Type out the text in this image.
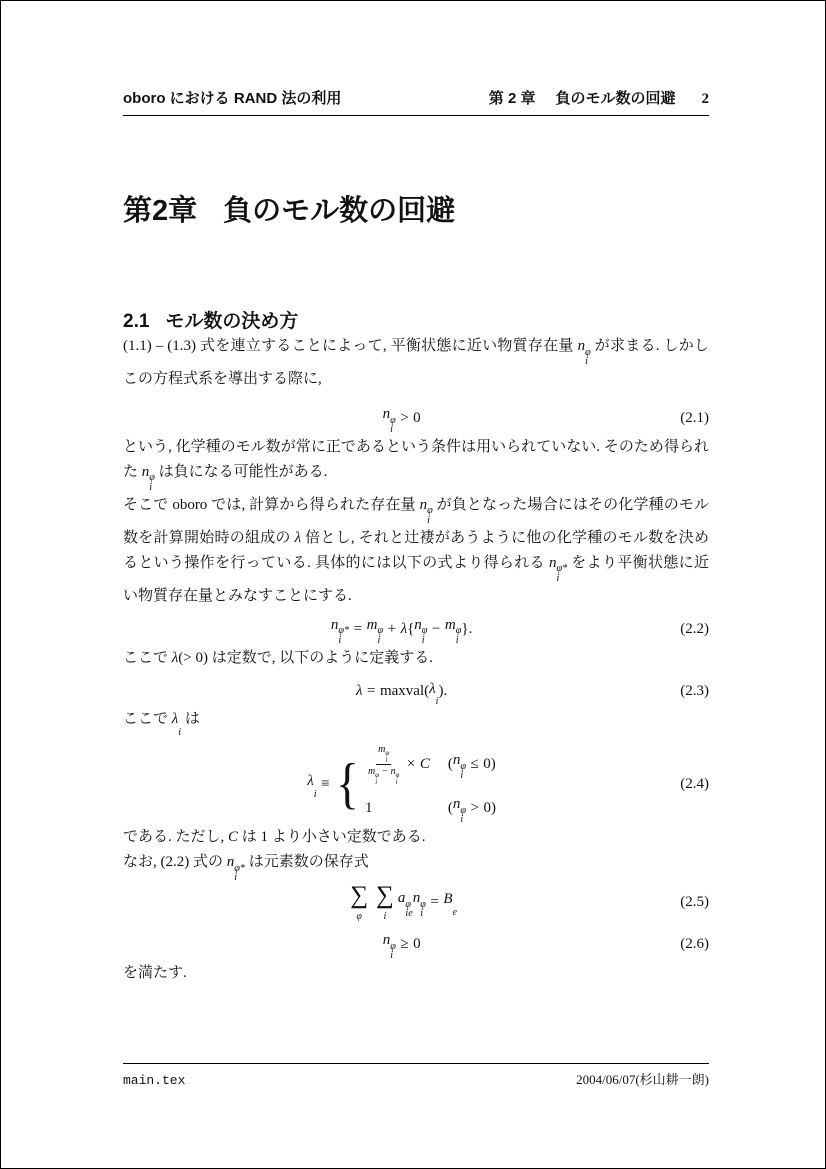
oboro における RAND 法の利用	第 2 章 負のモル数の回避 2
第2章 負のモル数の回避
2.1 モル数の決め方

(1.1) – (1.3) 式を連立することによって, 平衡状態に近い物質存在量 n φ
i
が求まる. しかしこの方程式系を導出する際に,

n φ
i
> 0	(2.1)

という, 化学種のモル数が常に正であるという条件は用いられていない. そのため得られた n φ
i
は負になる可能性がある.

そこで oboro では, 計算から得られた存在量 n φ
i
が負となった場合にはその化学種のモル数を計算開始時の組成の λ 倍とし, それと辻褄があうように他の化学種のモル数を決めるという操作を行っている. 具体的には以下の式より得られる n φ*
i
をより平衡状態に近い物質存在量とみなすことにする.

n φ*
i
= m φ
i
+ λ { n φ
i
− m φ
i
}.	(2.2)

ここで λ(> 0) は定数で, 以下のように定義する.

λ = maxval( λ
i
).	(2.3)

ここで λ
i
は

λ
i
≡ {
m φ
i
m φ
i
− n φ
i
× C ( n φ
i
≤ 0)
1	( n φ
i
> 0)
(2.4)

である. ただし, C は 1 より小さい定数である.

なお, (2.2) 式の n φ*
i
は元素数の保存式

∑
φ
∑
i
a φ
ie
n φ
i
= B
e
(2.5)
n φ
i
≥ 0	(2.6)

を満たす.

main.tex	2004/06/07(杉山耕一朗)
